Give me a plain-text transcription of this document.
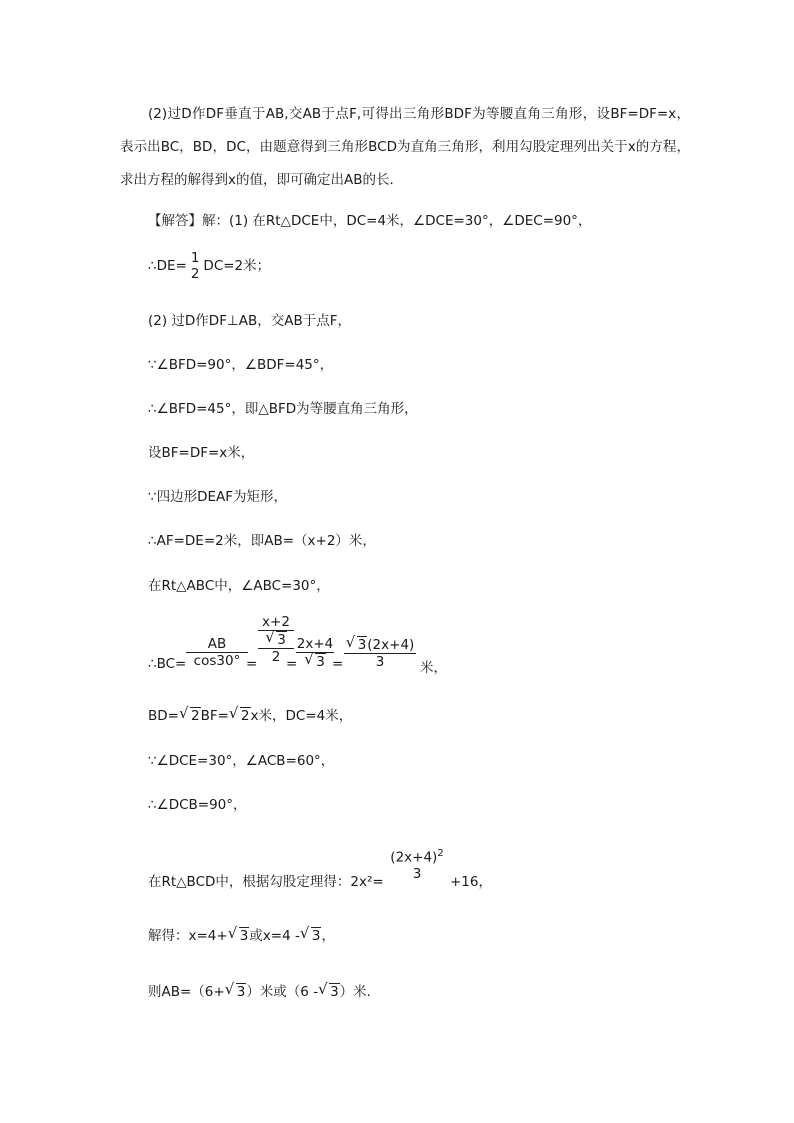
(2)过D作DF垂直于AB,交AB于点F,可得出三角形BDF为等腰直角三角形，设BF=DF=x，表示出BC，BD，DC，由题意得到三角形BCD为直角三角形，利用勾股定理列出关于x的方程，求出方程的解得到x的值，即可确定出AB的长．
【解答】解：(1) 在Rt△DCE中，DC=4米，∠DCE=30°，∠DEC=90°，
∴DE= 1
2 DC=2米；
(2) 过D作DF⊥AB，交AB于点F，
∵∠BFD=90°，∠BDF=45°，
∴∠BFD=45°，即△BFD为等腰直角三角形，
设BF=DF=x米，
∵四边形DEAF为矩形，
∴AF=DE=2米，即AB=（x+2）米，
在Rt△ABC中，∠ABC=30°，
∴BC= $\frac{AB}{\cos 30^\circ}$
=
x+2
√ 3
2 =
2x+4
√ $3 = \frac{√ 3(2x+4)}{3}$ 米，
BD= √ 2BF= √ 2x米，DC=4米，
∵∠DCE=30°，∠ACB=60°，
∴∠DCB=90°，
在Rt△BCD中，根据勾股定理得：2x²=
$(2x+4)^2$
3
+16，
解得：x=4+ √ 3或x=4 - √ 3，
则AB=（6+ √ 3）米或（6 - √ 3）米．
